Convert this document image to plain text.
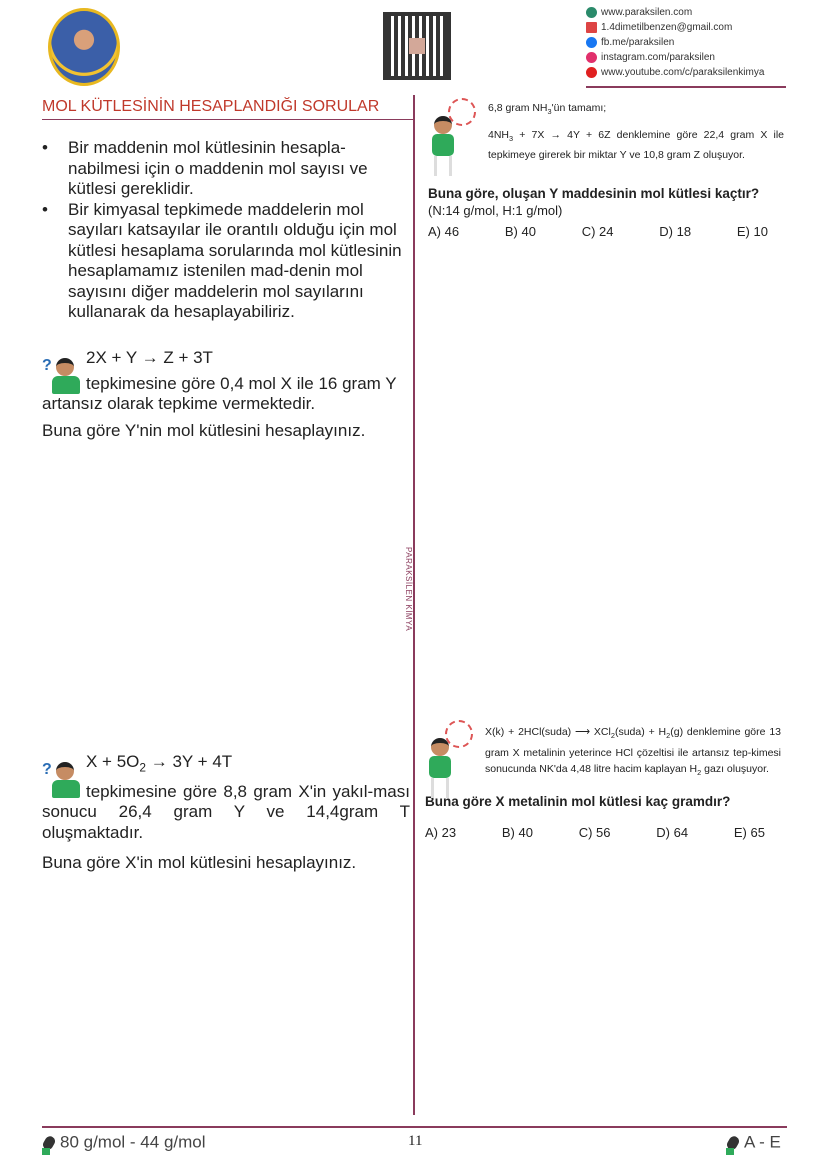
www.paraksilen.com
1.4dimetilbenzen@gmail.com
fb.me/paraksilen
instagram.com/paraksilen
www.youtube.com/c/paraksilenkimya
MOL KÜTLESİNİN HESAPLANDIĞI SORULAR
PARAKSİLEN KİMYA
•	Bir maddenin mol kütlesinin hesapla-nabilmesi için o maddenin mol sayısı ve kütlesi gereklidir.
•	Bir kimyasal tepkimede maddelerin mol sayıları katsayılar ile orantılı olduğu için mol kütlesi hesaplama sorularında mol kütlesinin hesaplamamız istenilen mad-denin mol sayısını diğer maddelerin mol sayılarını kullanarak da hesaplayabiliriz.
?	2X + Y → Z + 3T
tepkimesine göre 0,4 mol X ile 16 gram Y artansız olarak tepkime vermektedir.
Buna göre Y'nin mol kütlesini hesaplayınız.
?	$X + 5O_2 \to 3Y + 4T$
tepkimesine göre 8,8 gram X'in yakıl-ması sonucu 26,4 gram Y ve 14,4gram T oluşmaktadır.
Buna göre X'in mol kütlesini hesaplayınız.
6,8 gram $NH_3'ün$ tamamı;
$4NH_3 + 7X \to 4Y + 6Z$ denklemine göre 22,4 gram X ile tepkimeye girerek bir miktar Y ve 10,8 gram Z oluşuyor.
Buna göre, oluşan Y maddesinin mol kütlesi kaçtır?
(N:14 g/mol, H:1 g/mol)
A) 46	B) 40	C) 24	D) 18	E) 10
X(k) + 2HCl(suda) ⟶ XCl$_2$(suda) + $H_2(g)$ denklemine göre 13 gram X metalinin yeterince HCl çözeltisi ile artansız tep-kimesi sonucunda NK'da 4,48 litre hacim kaplayan $H_2$ gazı oluşuyor.
Buna göre X metalinin mol kütlesi kaç gramdır?
A) 23	B) 40	C) 56	D) 64	E) 65
80 g/mol - 44 g/mol	11	A - E
